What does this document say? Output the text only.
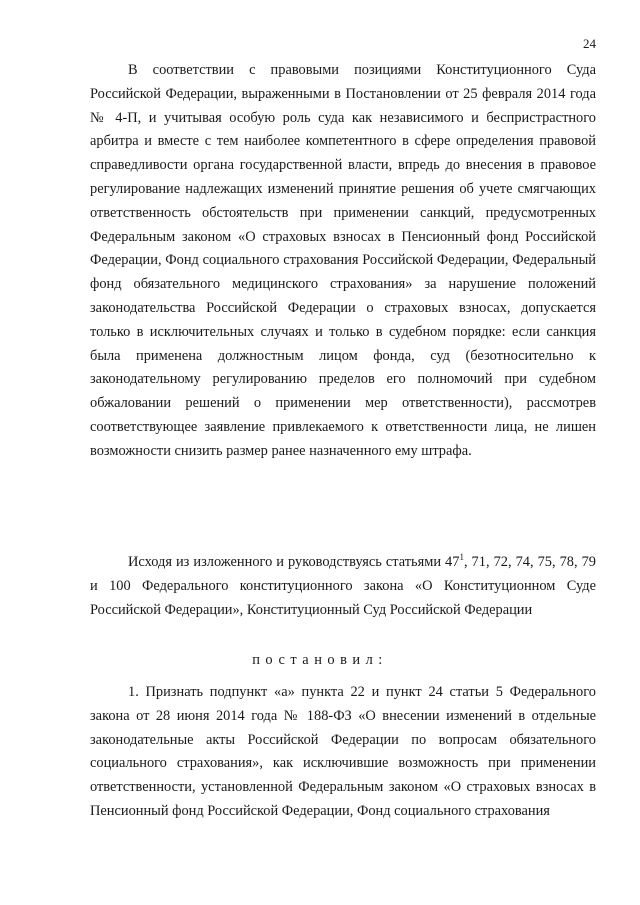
24

В соответствии с правовыми позициями Конституционного Суда Российской Федерации, выраженными в Постановлении от 25 февраля 2014 года № 4-П, и учитывая особую роль суда как независимого и беспристрастного арбитра и вместе с тем наиболее компетентного в сфере определения правовой справедливости органа государственной власти, впредь до внесения в правовое регулирование надлежащих изменений принятие решения об учете смягчающих ответственность обстоятельств при применении санкций, предусмотренных Федеральным законом «О страховых взносах в Пенсионный фонд Российской Федерации, Фонд социального страхования Российской Федерации, Федеральный фонд обязательного медицинского страхования» за нарушение положений законодательства Российской Федерации о страховых взносах, допускается только в исключительных случаях и только в судебном порядке: если санкция была применена должностным лицом фонда, суд (безотносительно к законодательному регулированию пределов его полномочий при судебном обжаловании решений о применении мер ответственности), рассмотрев соответствующее заявление привлекаемого к ответственности лица, не лишен возможности снизить размер ранее назначенного ему штрафа.

Исходя из изложенного и руководствуясь статьями $47^1$, 71, 72, 74, 75, 78, 79 и 100 Федерального конституционного закона «О Конституционном Суде Российской Федерации», Конституционный Суд Российской Федерации

постановил:

1. Признать подпункт «а» пункта 22 и пункт 24 статьи 5 Федерального закона от 28 июня 2014 года № 188-ФЗ «О внесении изменений в отдельные законодательные акты Российской Федерации по вопросам обязательного социального страхования», как исключившие возможность при применении ответственности, установленной Федеральным законом «О страховых взносах в Пенсионный фонд Российской Федерации, Фонд социального страхования
